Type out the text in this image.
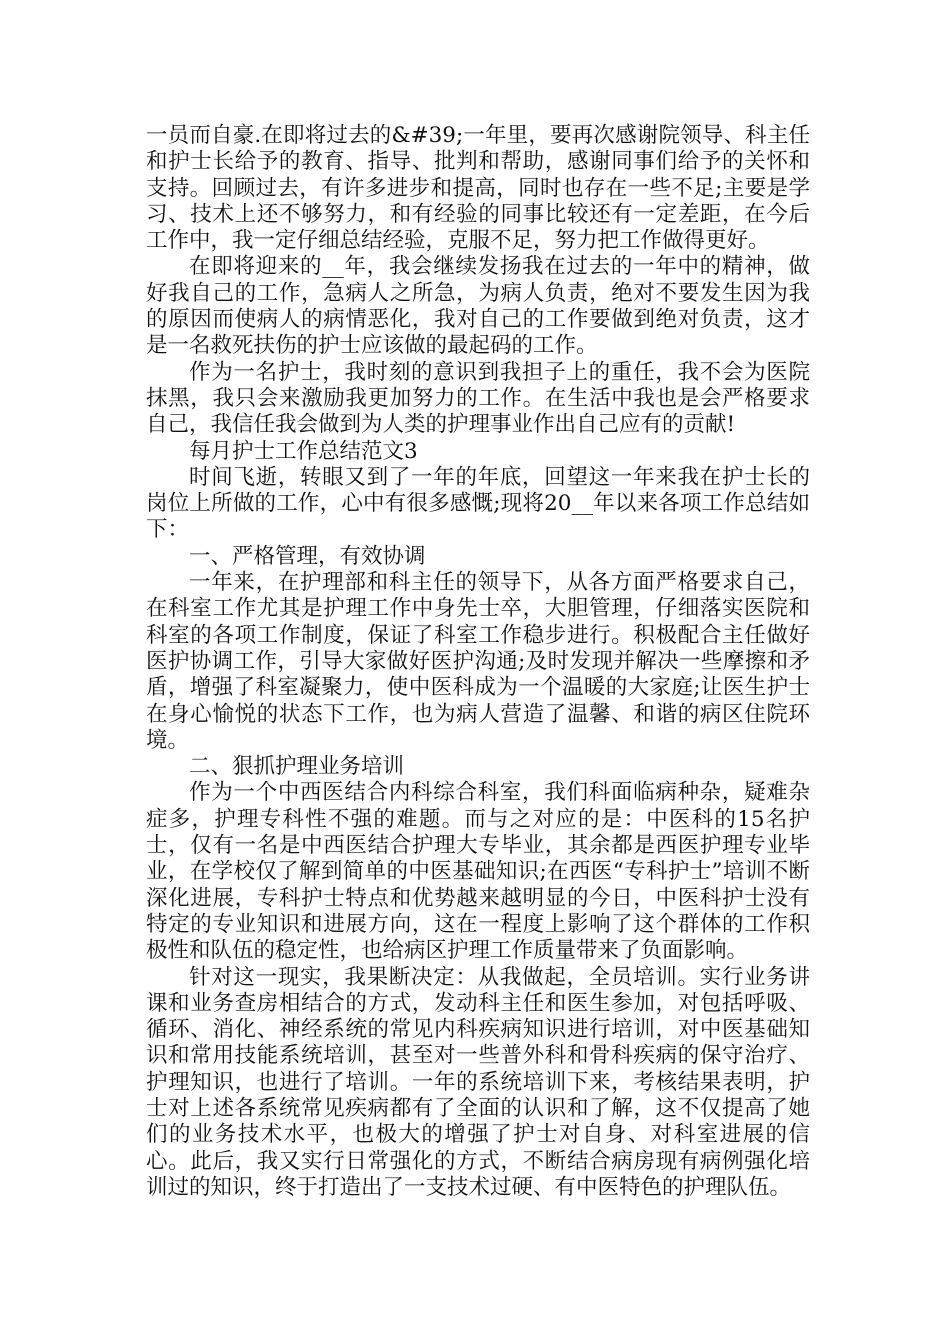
一员而自豪.在即将过去的&#39;一年里，要再次感谢院领导、科主任和护士长给予的教育、指导、批判和帮助，感谢同事们给予的关怀和支持。回顾过去，有许多进步和提高，同时也存在一些不足;主要是学习、技术上还不够努力，和有经验的同事比较还有一定差距，在今后工作中，我一定仔细总结经验，克服不足，努力把工作做得更好。

在即将迎来的__年，我会继续发扬我在过去的一年中的精神，做好我自己的工作，急病人之所急，为病人负责，绝对不要发生因为我的原因而使病人的病情恶化，我对自己的工作要做到绝对负责，这才是一名救死扶伤的护士应该做的最起码的工作。

作为一名护士，我时刻的意识到我担子上的重任，我不会为医院抹黑，我只会来激励我更加努力的工作。在生活中我也是会严格要求自己，我信任我会做到为人类的护理事业作出自己应有的贡献!

每月护士工作总结范文3

时间飞逝，转眼又到了一年的年底，回望这一年来我在护士长的岗位上所做的工作，心中有很多感慨;现将20__年以来各项工作总结如下：

一、严格管理，有效协调

一年来，在护理部和科主任的领导下，从各方面严格要求自己，在科室工作尤其是护理工作中身先士卒，大胆管理，仔细落实医院和科室的各项工作制度，保证了科室工作稳步进行。积极配合主任做好医护协调工作，引导大家做好医护沟通;及时发现并解决一些摩擦和矛盾，增强了科室凝聚力，使中医科成为一个温暖的大家庭;让医生护士在身心愉悦的状态下工作，也为病人营造了温馨、和谐的病区住院环境。

二、狠抓护理业务培训

作为一个中西医结合内科综合科室，我们科面临病种杂，疑难杂症多，护理专科性不强的难题。而与之对应的是：中医科的15名护士，仅有一名是中西医结合护理大专毕业，其余都是西医护理专业毕业，在学校仅了解到简单的中医基础知识;在西医“专科护士”培训不断深化进展，专科护士特点和优势越来越明显的今日，中医科护士没有特定的专业知识和进展方向，这在一程度上影响了这个群体的工作积极性和队伍的稳定性，也给病区护理工作质量带来了负面影响。

针对这一现实，我果断决定：从我做起，全员培训。实行业务讲课和业务查房相结合的方式，发动科主任和医生参加，对包括呼吸、循环、消化、神经系统的常见内科疾病知识进行培训，对中医基础知识和常用技能系统培训，甚至对一些普外科和骨科疾病的保守治疗、护理知识，也进行了培训。一年的系统培训下来，考核结果表明，护士对上述各系统常见疾病都有了全面的认识和了解，这不仅提高了她们的业务技术水平，也极大的增强了护士对自身、对科室进展的信心。此后，我又实行日常强化的方式，不断结合病房现有病例强化培训过的知识，终于打造出了一支技术过硬、有中医特色的护理队伍。
